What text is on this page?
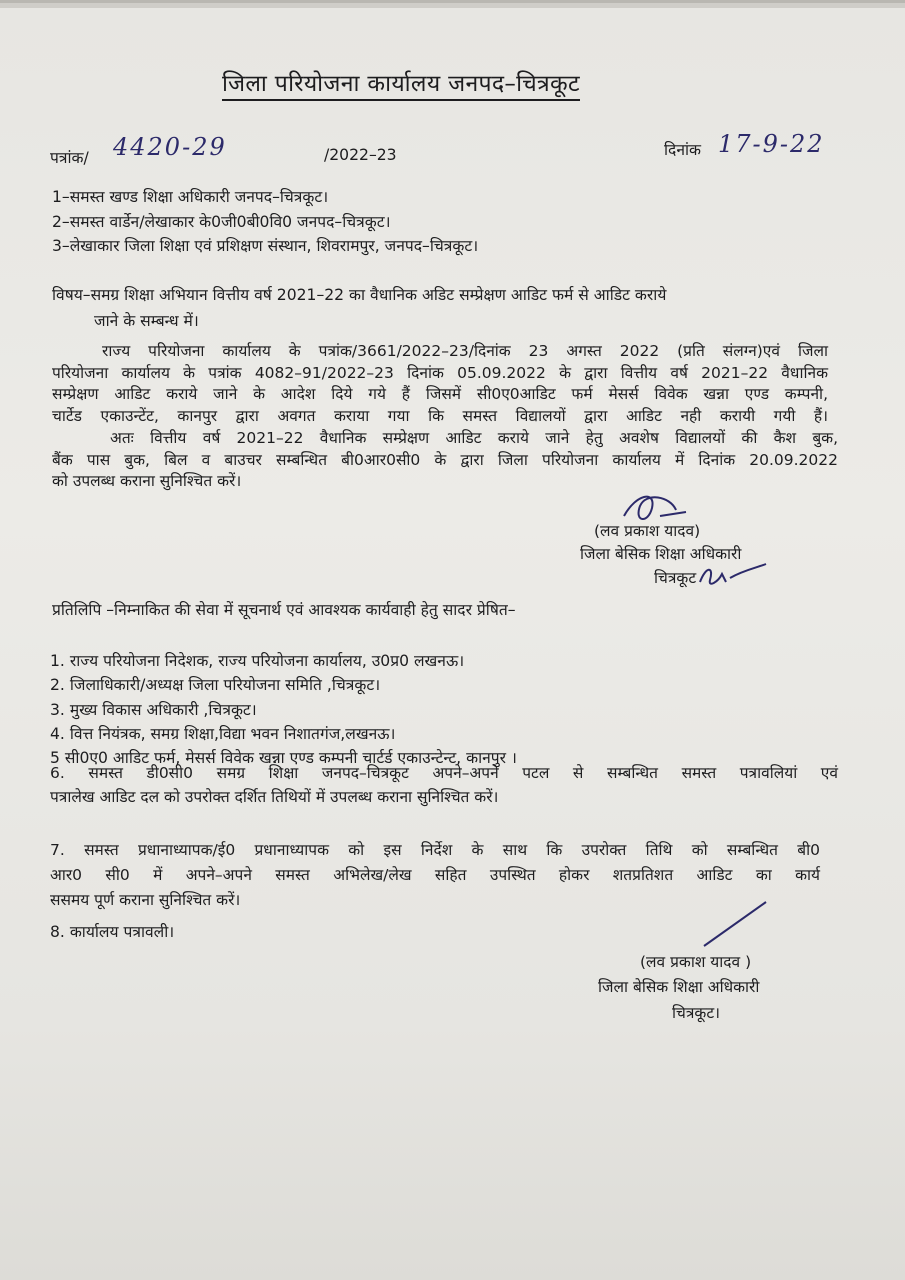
जिला परियोजना कार्यालय जनपद–चित्रकूट
पत्रांक/ 4420-29	/2022–23	दिनांक 17-9-22
1–समस्त खण्ड शिक्षा अधिकारी जनपद–चित्रकूट।
2–समस्त वार्डेन/लेखाकार के0जी0बी0वि0 जनपद–चित्रकूट।
3–लेखाकार जिला शिक्षा एवं प्रशिक्षण संस्थान, शिवरामपुर, जनपद–चित्रकूट।
विषय–समग्र शिक्षा अभियान वित्तीय वर्ष 2021–22 का वैधानिक अडिट सम्प्रेक्षण आडिट फर्म से आडिट कराये
जाने के सम्बन्ध में।
राज्य परियोजना कार्यालय के पत्रांक/3661/2022–23/दिनांक 23 अगस्त 2022 (प्रति संलग्न)एवं जिला
परियोजना कार्यालय के पत्रांक 4082–91/2022–23 दिनांक 05.09.2022 के द्वारा वित्तीय वर्ष 2021–22 वैधानिक
सम्प्रेक्षण आडिट कराये जाने के आदेश दिये गये हैं जिसमें सी0ए0आडिट फर्म मेसर्स विवेक खन्ना एण्ड कम्पनी,
चार्टेड एकाउन्टेंट, कानपुर द्वारा अवगत कराया गया कि समस्त विद्यालयों द्वारा आडिट नही करायी गयी हैं।
अतः वित्तीय वर्ष 2021–22 वैधानिक सम्प्रेक्षण आडिट कराये जाने हेतु अवशेष विद्यालयों की कैश बुक,
बैंक पास बुक, बिल व बाउचर सम्बन्धित बी0आर0सी0 के द्वारा जिला परियोजना कार्यालय में दिनांक 20.09.2022
को उपलब्ध कराना सुनिश्चित करें।
(लव प्रकाश यादव)
जिला बेसिक शिक्षा अधिकारी
चित्रकूट
प्रतिलिपि –निम्नाकित की सेवा में सूचनार्थ एवं आवश्यक कार्यवाही हेतु सादर प्रेषित–
1. राज्य परियोजना निदेशक, राज्य परियोजना कार्यालय, उ0प्र0 लखनऊ।
2. जिलाधिकारी/अध्यक्ष जिला परियोजना समिति ,चित्रकूट।
3. मुख्य विकास अधिकारी ,चित्रकूट।
4. वित्त नियंत्रक, समग्र शिक्षा,विद्या भवन निशातगंज,लखनऊ।
5 सी0ए0 आडिट फर्म, मेसर्स विवेक खन्ना एण्ड कम्पनी चार्टर्ड एकाउन्टेन्ट, कानपुर ।
6. समस्त डी0सी0 समग्र शिक्षा जनपद–चित्रकूट अपने–अपने पटल से सम्बन्धित समस्त पत्रावलियां एवं
पत्रालेख आडिट दल को उपरोक्त दर्शित तिथियों में उपलब्ध कराना सुनिश्चित करें।
7. समस्त प्रधानाध्यापक/ई0 प्रधानाध्यापक को इस निर्देश के साथ कि उपरोक्त तिथि को सम्बन्धित बी0
आर0 सी0 में अपने–अपने समस्त अभिलेख/लेख सहित उपस्थित होकर शतप्रतिशत आडिट का कार्य
ससमय पूर्ण कराना सुनिश्चित करें।
8. कार्यालय पत्रावली।
(लव प्रकाश यादव )
जिला बेसिक शिक्षा अधिकारी
चित्रकूट।
